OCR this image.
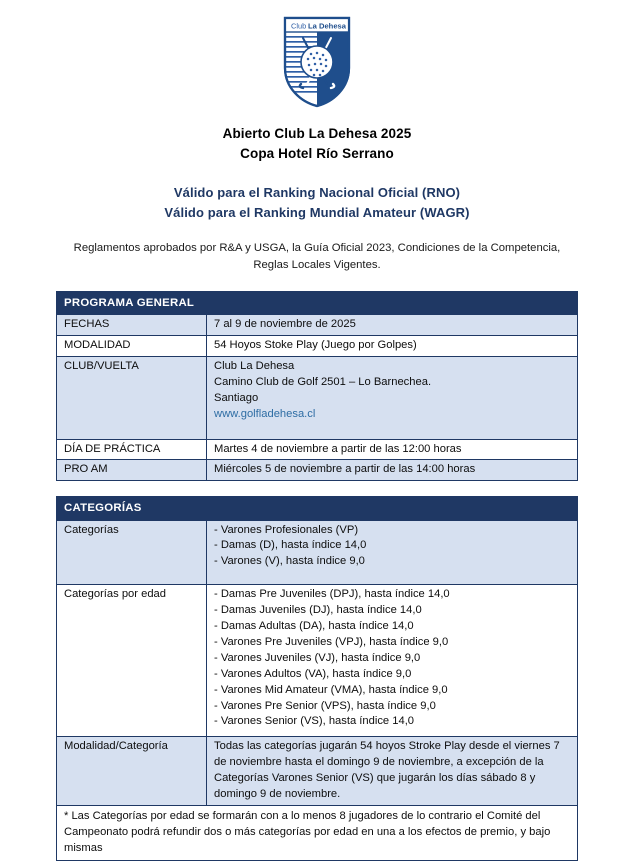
Club La Dehesa
Abierto Club La Dehesa 2025
Copa Hotel Río Serrano
Válido para el Ranking Nacional Oficial (RNO)
Válido para el Ranking Mundial Amateur (WAGR)
Reglamentos aprobados por R&A y USGA, la Guía Oficial 2023, Condiciones de la Competencia, Reglas Locales Vigentes.
PROGRAMA GENERAL	
FECHAS	7 al 9 de noviembre de 2025
MODALIDAD	54 Hoyos Stoke Play (Juego por Golpes)
CLUB/VUELTA	Club La Dehesa
Camino Club de Golf 2501 – Lo Barnechea.
Santiago
www.golfladehesa.cl

DÍA DE PRÁCTICA	Martes 4 de noviembre a partir de las 12:00 horas
PRO AM	Miércoles 5 de noviembre a partir de las 14:00 horas
CATEGORÍAS	
Categorías	- Varones Profesionales (VP)
- Damas (D), hasta índice 14,0
- Varones (V), hasta índice 9,0

Categorías por edad	- Damas Pre Juveniles (DPJ), hasta índice 14,0
- Damas Juveniles (DJ), hasta índice 14,0
- Damas Adultas (DA), hasta índice 14,0
- Varones Pre Juveniles (VPJ), hasta índice 9,0
- Varones Juveniles (VJ), hasta índice 9,0
- Varones Adultos (VA), hasta índice 9,0
- Varones Mid Amateur (VMA), hasta índice 9,0
- Varones Pre Senior (VPS), hasta índice 9,0
- Varones Senior (VS), hasta índice 14,0

Modalidad/Categoría	Todas las categorías jugarán 54 hoyos Stroke Play desde el viernes 7 de noviembre hasta el domingo 9 de noviembre, a excepción de la Categorías Varones Senior (VS) que jugarán los días sábado 8 y domingo 9 de noviembre.
* Las Categorías por edad se formarán con a lo menos 8 jugadores de lo contrario el Comité del Campeonato podrá refundir dos o más categorías por edad en una a los efectos de premio, y bajo mismas	
